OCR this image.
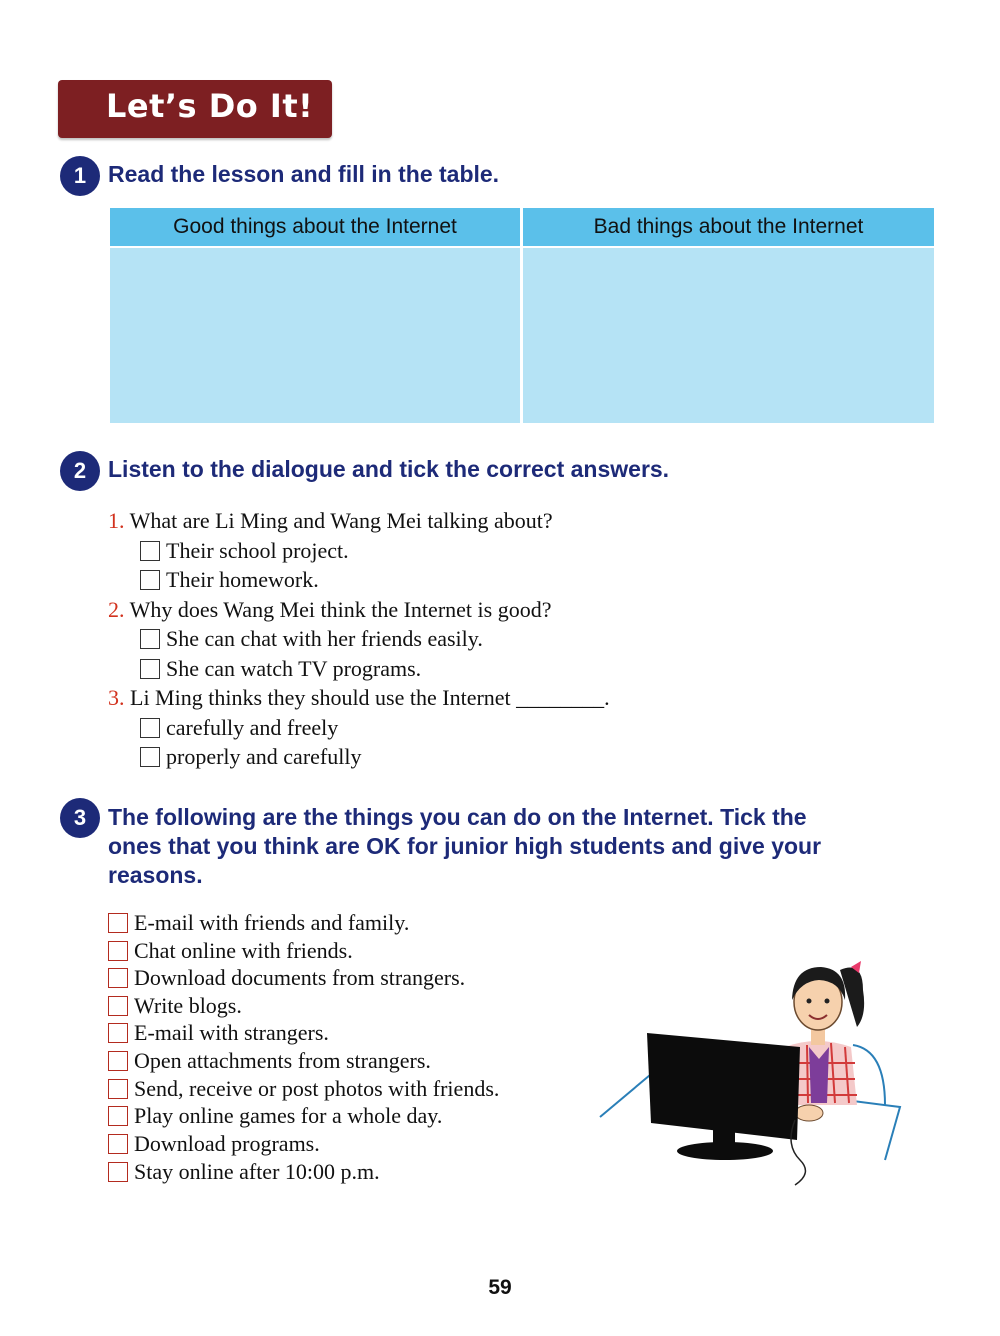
Let’s Do It!
1 Read the lesson and fill in the table.
Good things about the Internet	Bad things about the Internet
2 Listen to the dialogue and tick the correct answers.
1. What are Li Ming and Wang Mei talking about?
Their school project.
Their homework.
2. Why does Wang Mei think the Internet is good?
She can chat with her friends easily.
She can watch TV programs.
3. Li Ming thinks they should use the Internet ________.
carefully and freely
properly and carefully
3 The following are the things you can do on the Internet. Tick the
ones that you think are OK for junior high students and give your
reasons.
E-mail with friends and family.
Chat online with friends.
Download documents from strangers.
Write blogs.
E-mail with strangers.
Open attachments from strangers.
Send, receive or post photos with friends.
Play online games for a whole day.
Download programs.
Stay online after 10:00 p.m.
59
